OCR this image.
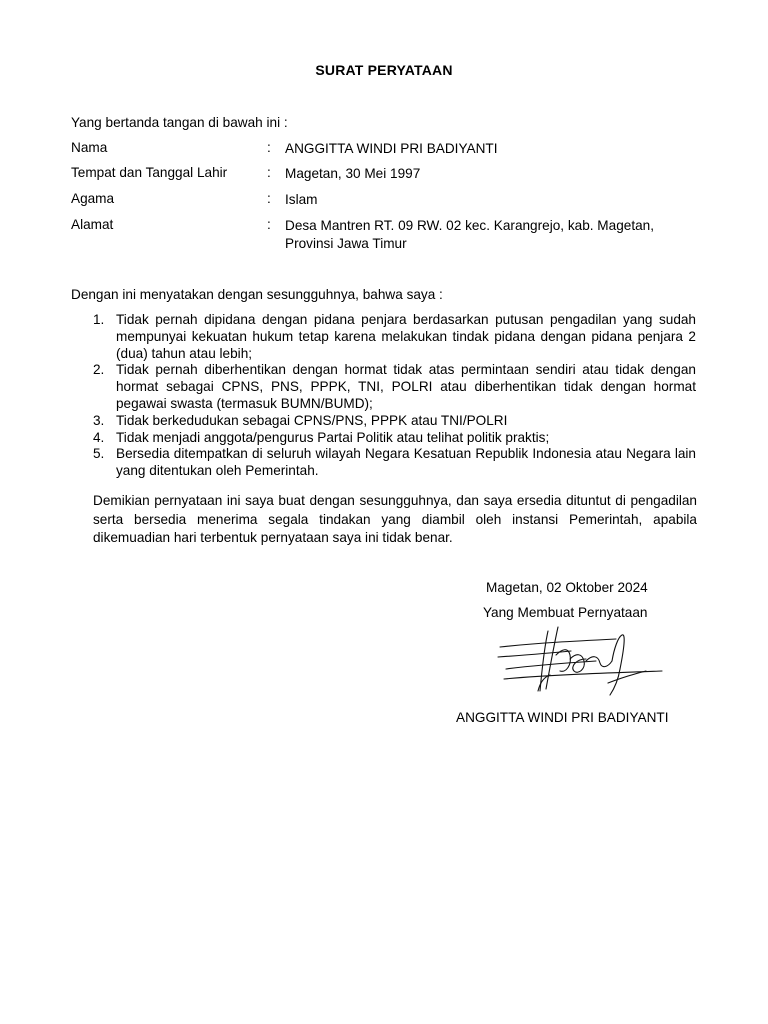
SURAT PERYATAAN
Yang bertanda tangan di bawah ini :
Nama	: ANGGITTA WINDI PRI BADIYANTI
Tempat dan Tanggal Lahir	: Magetan, 30 Mei 1997
Agama	: Islam
Alamat	: Desa Mantren RT. 09 RW. 02 kec. Karangrejo, kab. Magetan, Provinsi Jawa Timur
Dengan ini menyatakan dengan sesungguhnya, bahwa saya :
1. Tidak pernah dipidana dengan pidana penjara berdasarkan putusan pengadilan yang sudah mempunyai kekuatan hukum tetap karena melakukan tindak pidana dengan pidana penjara 2 (dua) tahun atau lebih;
2. Tidak pernah diberhentikan dengan hormat tidak atas permintaan sendiri atau tidak dengan hormat sebagai CPNS, PNS, PPPK, TNI, POLRI atau diberhentikan tidak dengan hormat pegawai swasta (termasuk BUMN/BUMD);
3. Tidak berkedudukan sebagai CPNS/PNS, PPPK atau TNI/POLRI
4. Tidak menjadi anggota/pengurus Partai Politik atau telihat politik praktis;
5. Bersedia ditempatkan di seluruh wilayah Negara Kesatuan Republik Indonesia atau Negara lain yang ditentukan oleh Pemerintah.
Demikian pernyataan ini saya buat dengan sesungguhnya, dan saya ersedia dituntut di pengadilan serta bersedia menerima segala tindakan yang diambil oleh instansi Pemerintah, apabila dikemuadian hari terbentuk pernyataan saya ini tidak benar.
Magetan, 02 Oktober 2024
Yang Membuat Pernyataan
ANGGITTA WINDI PRI BADIYANTI
